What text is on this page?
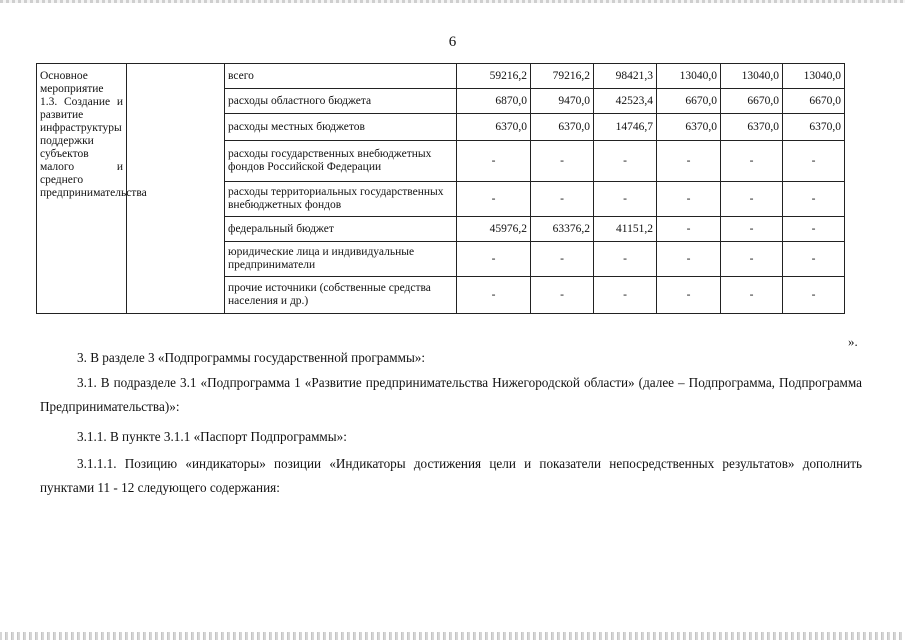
6
Основное мероприятие 1.3. Создание и развитие инфраструктуры поддержки субъектов малого и среднего предпринимательства		всего	59216,2	79216,2	98421,3	13040,0	13040,0	13040,0
		расходы областного бюджета	6870,0	9470,0	42523,4	6670,0	6670,0	6670,0
		расходы местных бюджетов	6370,0	6370,0	14746,7	6370,0	6370,0	6370,0
		расходы государственных внебюджетных фондов Российской Федерации	-	-	-	-	-	-
		расходы территориальных государственных внебюджетных фондов	-	-	-	-	-	-
		федеральный бюджет	45976,2	63376,2	41151,2	-	-	-
		юридические лица и индивидуальные предприниматели	-	-	-	-	-	-
		прочие источники (собственные средства населения и др.)	-	-	-	-	-	-
».

3. В разделе 3 «Подпрограммы государственной программы»:

3.1. В подразделе 3.1 «Подпрограмма 1 «Развитие предпринимательства Нижегородской области» (далее – Подпрограмма, Подпрограмма Предпринимательства)»:

3.1.1. В пункте 3.1.1 «Паспорт Подпрограммы»:

3.1.1.1. Позицию «индикаторы» позиции «Индикаторы достижения цели и показатели непосредственных результатов» дополнить пунктами 11 - 12 следующего содержания:
